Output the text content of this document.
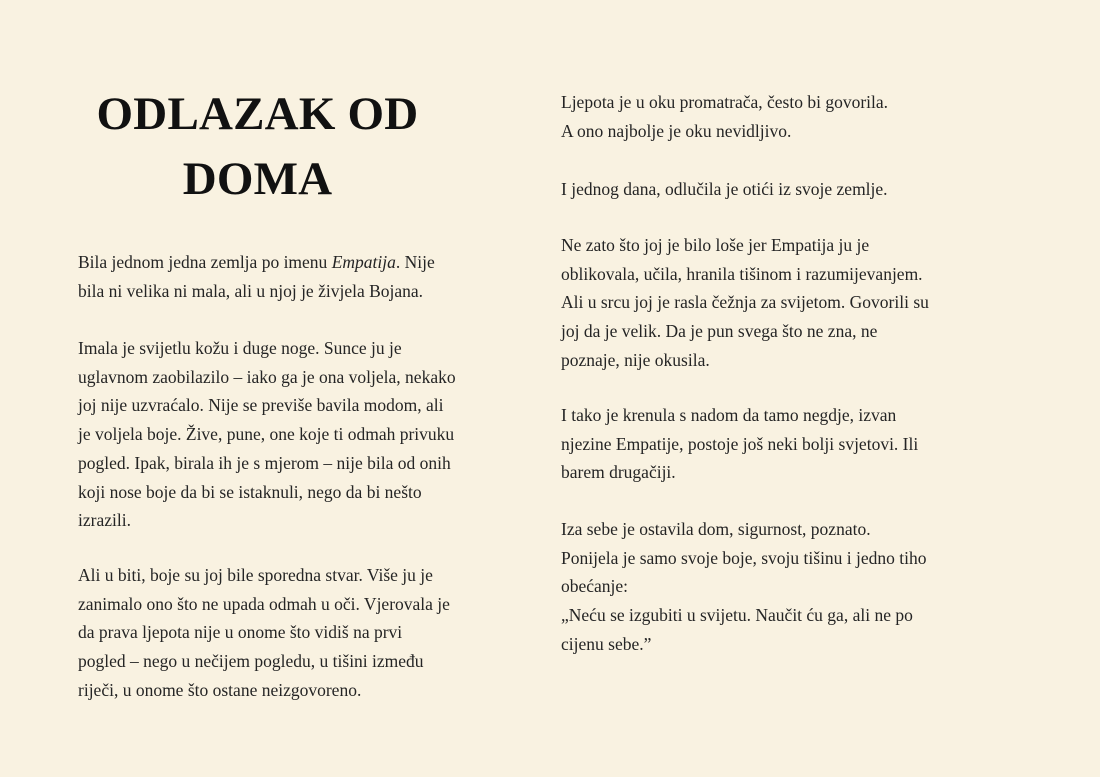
ODLAZAK OD
DOMA

Bila jednom jedna zemlja po imenu Empatija. Nije
bila ni velika ni mala, ali u njoj je živjela Bojana.

Imala je svijetlu kožu i duge noge. Sunce ju je
uglavnom zaobilazilo – iako ga je ona voljela, nekako
joj nije uzvraćalo. Nije se previše bavila modom, ali
je voljela boje. Žive, pune, one koje ti odmah privuku
pogled. Ipak, birala ih je s mjerom – nije bila od onih
koji nose boje da bi se istaknuli, nego da bi nešto
izrazili.

Ali u biti, boje su joj bile sporedna stvar. Više ju je
zanimalo ono što ne upada odmah u oči. Vjerovala je
da prava ljepota nije u onome što vidiš na prvi
pogled – nego u nečijem pogledu, u tišini između
riječi, u onome što ostane neizgovoreno.

Ljepota je u oku promatrača, često bi govorila.
A ono najbolje je oku nevidljivo.

I jednog dana, odlučila je otići iz svoje zemlje.

Ne zato što joj je bilo loše jer Empatija ju je
oblikovala, učila, hranila tišinom i razumijevanjem.
Ali u srcu joj je rasla čežnja za svijetom. Govorili su
joj da je velik. Da je pun svega što ne zna, ne
poznaje, nije okusila.

I tako je krenula s nadom da tamo negdje, izvan
njezine Empatije, postoje još neki bolji svjetovi. Ili
barem drugačiji.

Iza sebe je ostavila dom, sigurnost, poznato.
Ponijela je samo svoje boje, svoju tišinu i jedno tiho
obećanje:
„Neću se izgubiti u svijetu. Naučit ću ga, ali ne po
cijenu sebe.”
